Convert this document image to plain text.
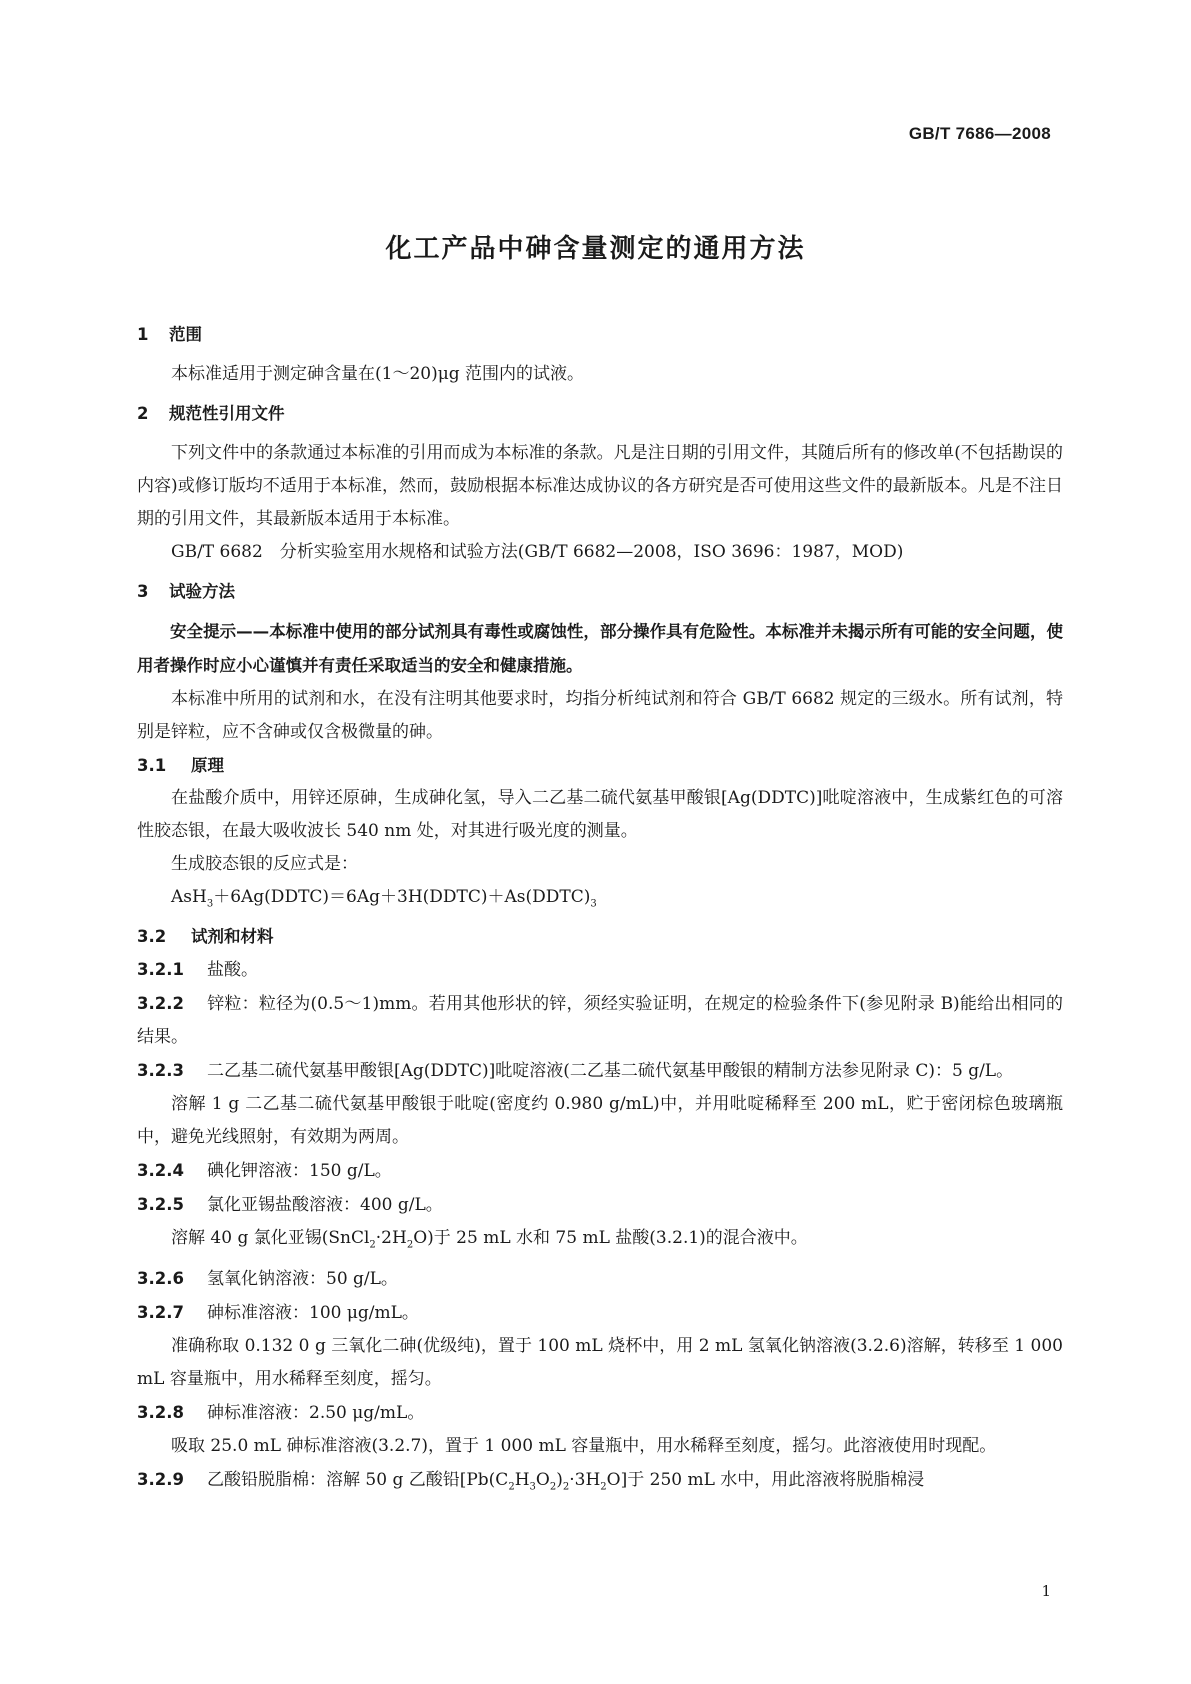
GB/T 7686—2008
化工产品中砷含量测定的通用方法
1 范围

本标准适用于测定砷含量在(1～20)μg 范围内的试液。

2 规范性引用文件

下列文件中的条款通过本标准的引用而成为本标准的条款。凡是注日期的引用文件，其随后所有的修改单(不包括勘误的内容)或修订版均不适用于本标准，然而，鼓励根据本标准达成协议的各方研究是否可使用这些文件的最新版本。凡是不注日期的引用文件，其最新版本适用于本标准。

GB/T 6682　分析实验室用水规格和试验方法(GB/T 6682—2008，ISO 3696：1987，MOD)

3 试验方法

安全提示——本标准中使用的部分试剂具有毒性或腐蚀性，部分操作具有危险性。本标准并未揭示所有可能的安全问题，使用者操作时应小心谨慎并有责任采取适当的安全和健康措施。

本标准中所用的试剂和水，在没有注明其他要求时，均指分析纯试剂和符合 GB/T 6682 规定的三级水。所有试剂，特别是锌粒，应不含砷或仅含极微量的砷。

3.1 原理

在盐酸介质中，用锌还原砷，生成砷化氢，导入二乙基二硫代氨基甲酸银[Ag(DDTC)]吡啶溶液中，生成紫红色的可溶性胶态银，在最大吸收波长 540 nm 处，对其进行吸光度的测量。

生成胶态银的反应式是：

$AsH_3+6Ag(DDTC)=6Ag+3H(DDTC)+As(DDTC)_3$

3.2 试剂和材料

3.2.1 盐酸。

3.2.2 锌粒：粒径为(0.5～1)mm。若用其他形状的锌，须经实验证明，在规定的检验条件下(参见附录 B)能给出相同的结果。

3.2.3 二乙基二硫代氨基甲酸银[Ag(DDTC)]吡啶溶液(二乙基二硫代氨基甲酸银的精制方法参见附录 C)：5 g/L。

溶解 1 g 二乙基二硫代氨基甲酸银于吡啶(密度约 0.980 g/mL)中，并用吡啶稀释至 200 mL，贮于密闭棕色玻璃瓶中，避免光线照射，有效期为两周。

3.2.4 碘化钾溶液：150 g/L。

3.2.5 氯化亚锡盐酸溶液：400 g/L。

溶解 40 g 氯化亚锡$(SnCl_2\cdot 2H_2O)$于 25 mL 水和 75 mL 盐酸(3.2.1)的混合液中。

3.2.6 氢氧化钠溶液：50 g/L。

3.2.7 砷标准溶液：100 μg/mL。

准确称取 0.132 0 g 三氧化二砷(优级纯)，置于 100 mL 烧杯中，用 2 mL 氢氧化钠溶液(3.2.6)溶解，转移至 1 000 mL 容量瓶中，用水稀释至刻度，摇匀。

3.2.8 砷标准溶液：2.50 μg/mL。

吸取 25.0 mL 砷标准溶液(3.2.7)，置于 1 000 mL 容量瓶中，用水稀释至刻度，摇匀。此溶液使用时现配。

3.2.9 乙酸铅脱脂棉：溶解 50 g 乙酸铅$[Pb(C_2H_3O_2)_2\cdot 3H_2O]$于 250 mL 水中，用此溶液将脱脂棉浸

1
